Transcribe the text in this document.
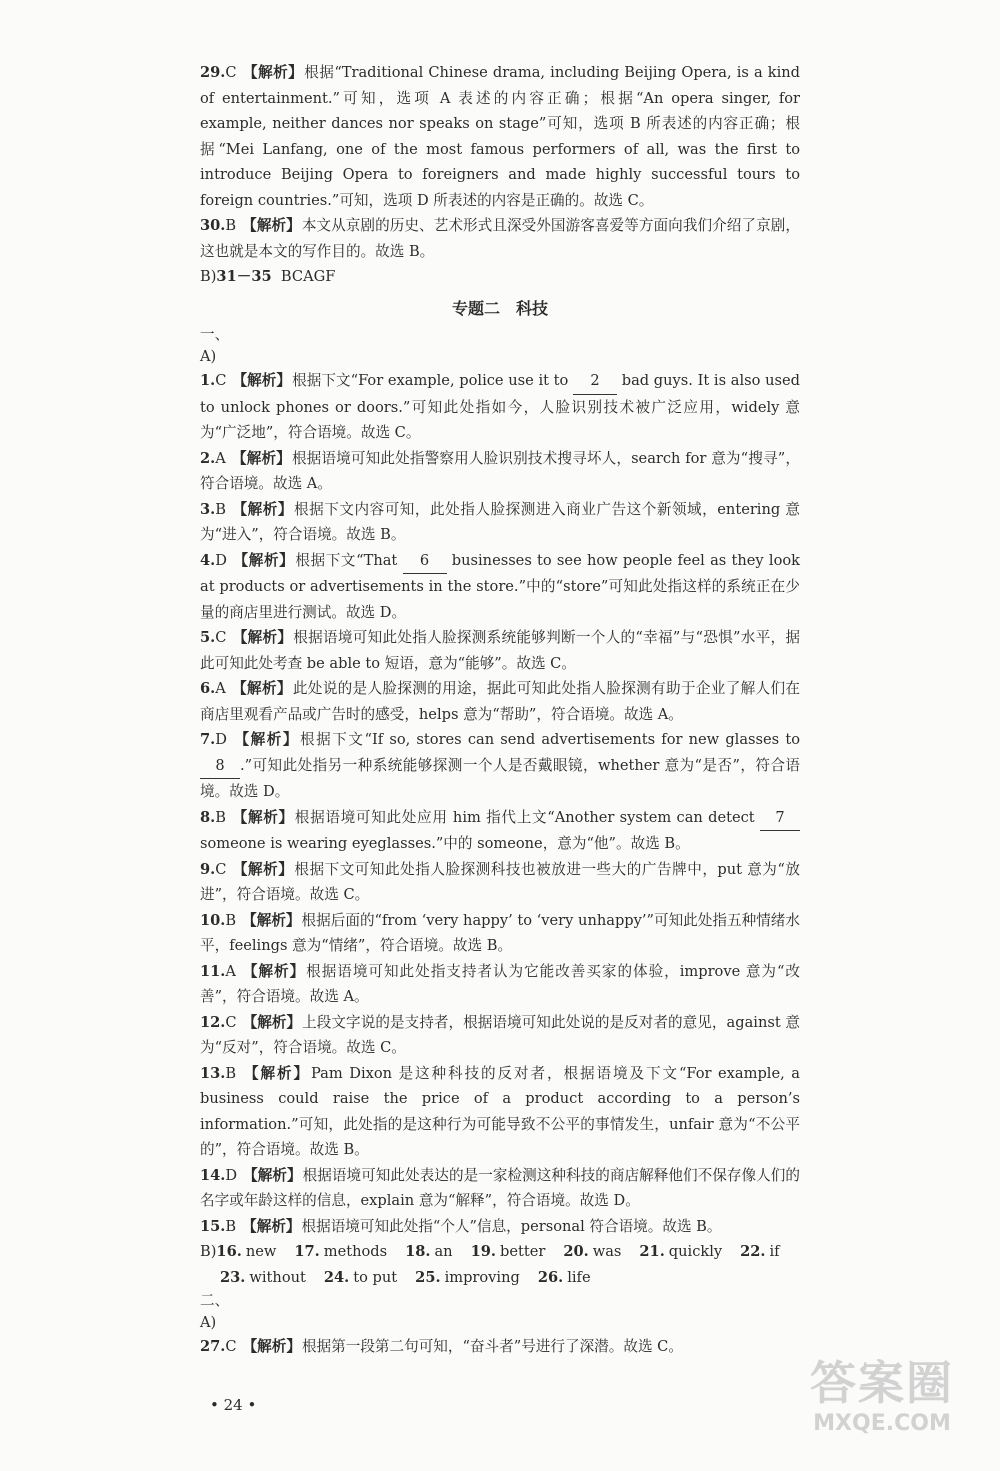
29.C 【解析】根据“Traditional Chinese drama, including Beijing Opera, is a kind of entertainment.”可知，选项 A 表述的内容正确；根据“An opera singer, for example, neither dances nor speaks on stage”可知，选项 B 所表述的内容正确；根据“Mei Lanfang, one of the most famous performers of all, was the first to introduce Beijing Opera to foreigners and made highly successful tours to foreign countries.”可知，选项 D 所表述的内容是正确的。故选 C。
30.B 【解析】本文从京剧的历史、艺术形式且深受外国游客喜爱等方面向我们介绍了京剧，这也就是本文的写作目的。故选 B。
B)31－35 BCAGF
专题二 科技
一、
A)
1.C 【解析】根据下文“For example, police use it to 2 bad guys. It is also used to unlock phones or doors.”可知此处指如今，人脸识别技术被广泛应用，widely 意为“广泛地”，符合语境。故选 C。
2.A 【解析】根据语境可知此处指警察用人脸识别技术搜寻坏人，search for 意为“搜寻”，符合语境。故选 A。
3.B 【解析】根据下文内容可知，此处指人脸探测进入商业广告这个新领域，entering 意为“进入”，符合语境。故选 B。
4.D 【解析】根据下文“That 6 businesses to see how people feel as they look at products or advertisements in the store.”中的“store”可知此处指这样的系统正在少量的商店里进行测试。故选 D。
5.C 【解析】根据语境可知此处指人脸探测系统能够判断一个人的“幸福”与“恐惧”水平，据此可知此处考查 be able to 短语，意为“能够”。故选 C。
6.A 【解析】此处说的是人脸探测的用途，据此可知此处指人脸探测有助于企业了解人们在商店里观看产品或广告时的感受，helps 意为“帮助”，符合语境。故选 A。
7.D 【解析】根据下文“If so, stores can send advertisements for new glasses to 8 .”可知此处指另一种系统能够探测一个人是否戴眼镜，whether 意为“是否”，符合语境。故选 D。
8.B 【解析】根据语境可知此处应用 him 指代上文“Another system can detect 7 someone is wearing eyeglasses.”中的 someone，意为“他”。故选 B。
9.C 【解析】根据下文可知此处指人脸探测科技也被放进一些大的广告牌中，put 意为“放进”，符合语境。故选 C。
10.B 【解析】根据后面的“from ‘very happy’ to ‘very unhappy’”可知此处指五种情绪水平，feelings 意为“情绪”，符合语境。故选 B。
11.A 【解析】根据语境可知此处指支持者认为它能改善买家的体验，improve 意为“改善”，符合语境。故选 A。
12.C 【解析】上段文字说的是支持者，根据语境可知此处说的是反对者的意见，against 意为“反对”，符合语境。故选 C。
13.B 【解析】Pam Dixon 是这种科技的反对者，根据语境及下文“For example, a business could raise the price of a product according to a person’s information.”可知，此处指的是这种行为可能导致不公平的事情发生，unfair 意为“不公平的”，符合语境。故选 B。
14.D 【解析】根据语境可知此处表达的是一家检测这种科技的商店解释他们不保存像人们的名字或年龄这样的信息，explain 意为“解释”，符合语境。故选 D。
15.B 【解析】根据语境可知此处指“个人”信息，personal 符合语境。故选 B。
B)16. new 17. methods 18. an 19. better 20. was 21. quickly 22. if
23. without 24. to put 25. improving 26. life
二、
A)
27.C 【解析】根据第一段第二句可知，“奋斗者”号进行了深潜。故选 C。
• 24 •	答案圈
MXQE.COM
